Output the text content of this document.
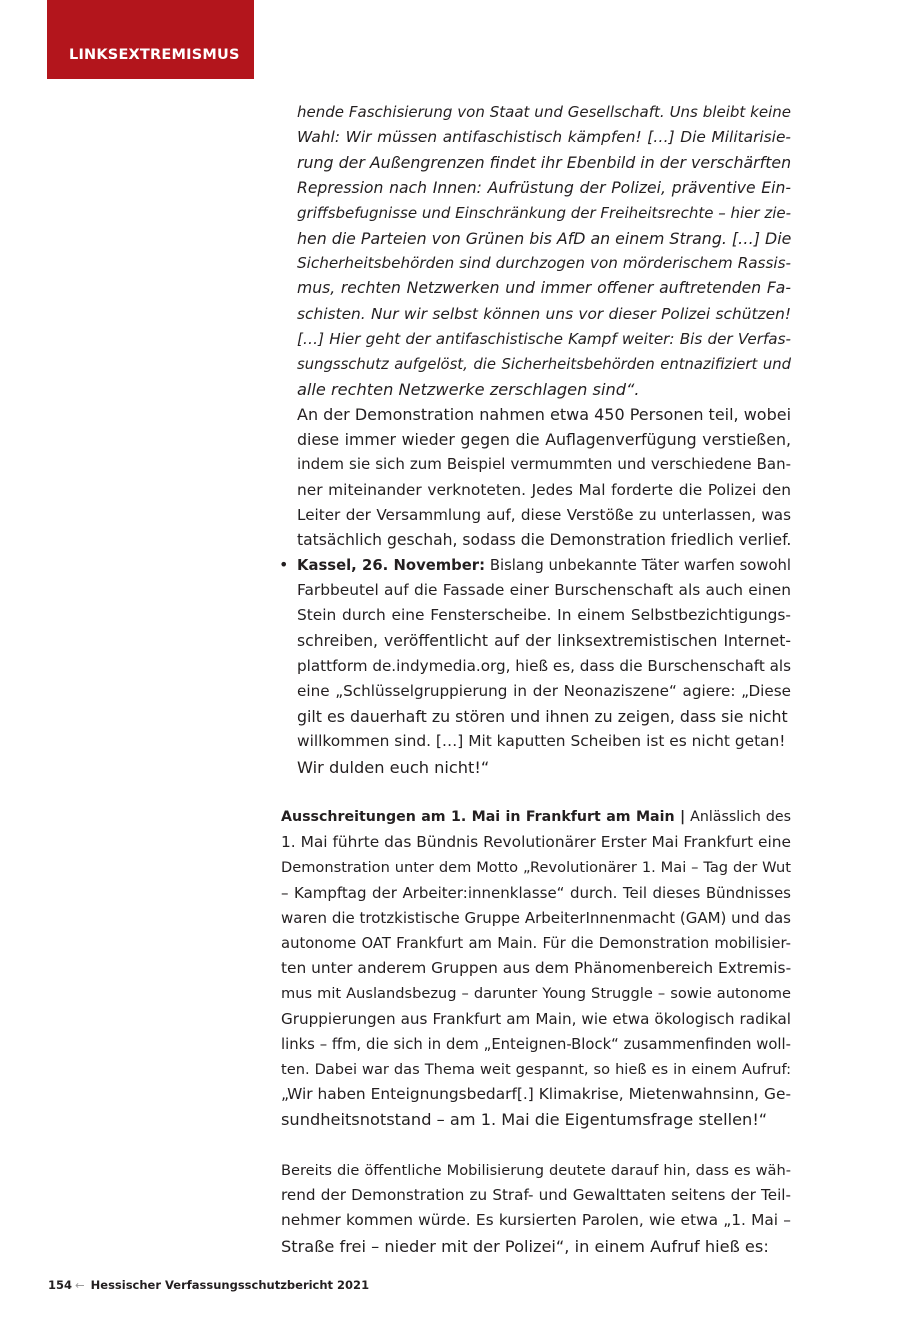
LINKSEXTREMISMUS
hende Faschisierung von Staat und Gesellschaft. Uns bleibt keine
Wahl: Wir müssen antifaschistisch kämpfen! […] Die Militarisie-
rung der Außengrenzen findet ihr Ebenbild in der verschärften
Repression nach Innen: Aufrüstung der Polizei, präventive Ein-
griffsbefugnisse und Einschränkung der Freiheitsrechte – hier zie-
hen die Parteien von Grünen bis AfD an einem Strang. […] Die
Sicherheitsbehörden sind durchzogen von mörderischem Rassis-
mus, rechten Netzwerken und immer offener auftretenden Fa-
schisten. Nur wir selbst können uns vor dieser Polizei schützen!
[…] Hier geht der antifaschistische Kampf weiter: Bis der Verfas-
sungsschutz aufgelöst, die Sicherheitsbehörden entnazifiziert und
alle rechten Netzwerke zerschlagen sind“.
An der Demonstration nahmen etwa 450 Personen teil, wobei
diese immer wieder gegen die Auflagenverfügung verstießen,
indem sie sich zum Beispiel vermummten und verschiedene Ban-
ner miteinander verknoteten. Jedes Mal forderte die Polizei den
Leiter der Versammlung auf, diese Verstöße zu unterlassen, was
tatsächlich geschah, sodass die Demonstration friedlich verlief.
• Kassel, 26. November: Bislang unbekannte Täter warfen sowohl
Farbbeutel auf die Fassade einer Burschenschaft als auch einen
Stein durch eine Fensterscheibe. In einem Selbstbezichtigungs-
schreiben, veröffentlicht auf der linksextremistischen Internet-
plattform de.indymedia.org, hieß es, dass die Burschenschaft als
eine „Schlüsselgruppierung in der Neonaziszene“ agiere: „Diese
gilt es dauerhaft zu stören und ihnen zu zeigen, dass sie nicht
willkommen sind. […] Mit kaputten Scheiben ist es nicht getan!
Wir dulden euch nicht!“
Ausschreitungen am 1. Mai in Frankfurt am Main | Anlässlich des
1. Mai führte das Bündnis Revolutionärer Erster Mai Frankfurt eine
Demonstration unter dem Motto „Revolutionärer 1. Mai – Tag der Wut
– Kampftag der Arbeiter:innenklasse“ durch. Teil dieses Bündnisses
waren die trotzkistische Gruppe ArbeiterInnenmacht (GAM) und das
autonome OAT Frankfurt am Main. Für die Demonstration mobilisier-
ten unter anderem Gruppen aus dem Phänomenbereich Extremis-
mus mit Auslandsbezug – darunter Young Struggle – sowie autonome
Gruppierungen aus Frankfurt am Main, wie etwa ökologisch radikal
links – ffm, die sich in dem „Enteignen-Block“ zusammenfinden woll-
ten. Dabei war das Thema weit gespannt, so hieß es in einem Aufruf:
„Wir haben Enteignungsbedarf[.] Klimakrise, Mietenwahnsinn, Ge-
sundheitsnotstand – am 1. Mai die Eigentumsfrage stellen!“
Bereits die öffentliche Mobilisierung deutete darauf hin, dass es wäh-
rend der Demonstration zu Straf- und Gewalttaten seitens der Teil-
nehmer kommen würde. Es kursierten Parolen, wie etwa „1. Mai –
Straße frei – nieder mit der Polizei“, in einem Aufruf hieß es:
154 ← Hessischer Verfassungsschutzbericht 2021
